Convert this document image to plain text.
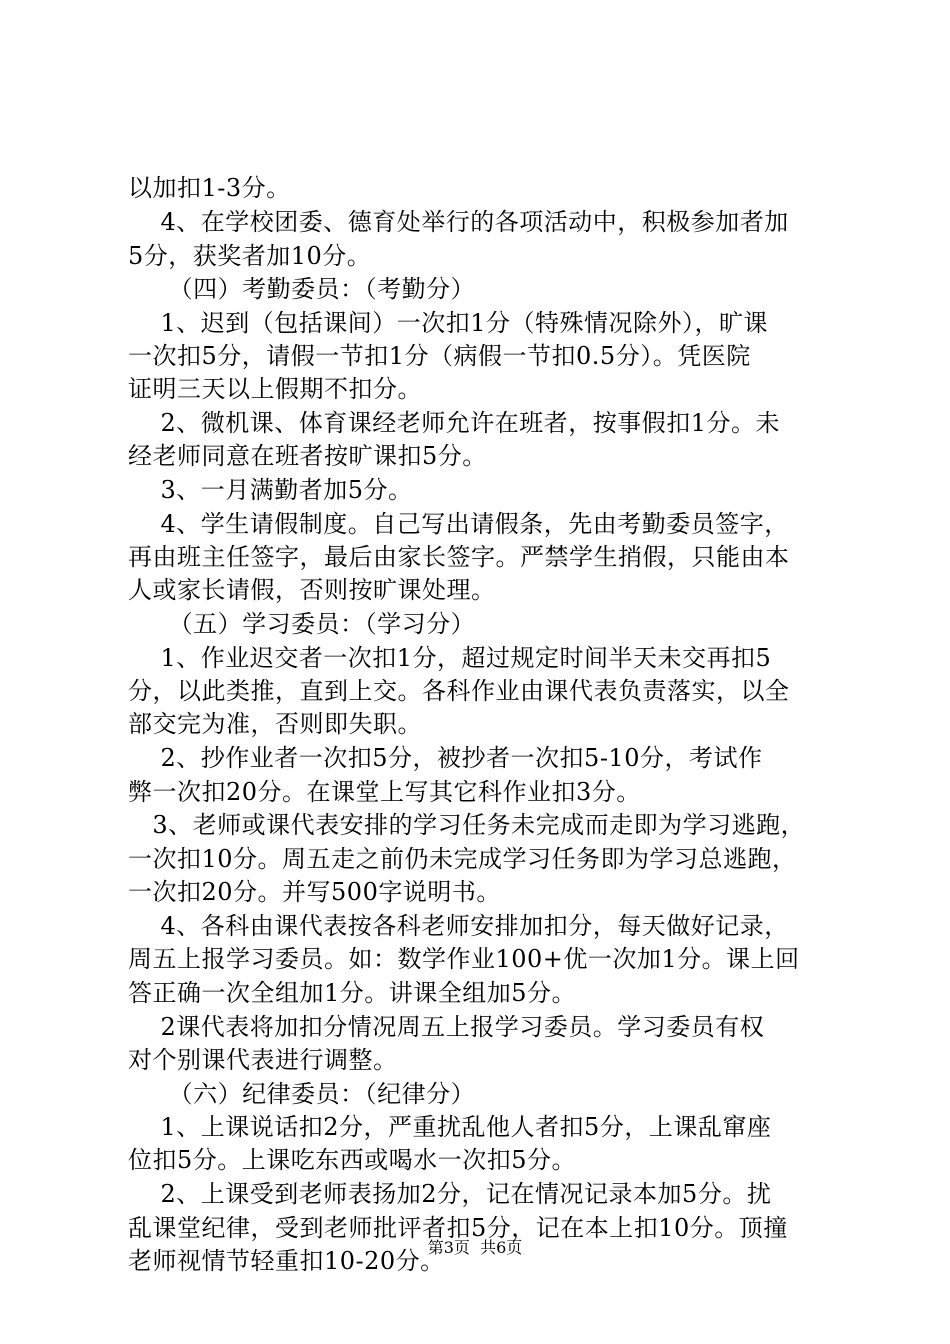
以加扣1-3分。
4、在学校团委、德育处举行的各项活动中，积极参加者加
5分，获奖者加10分。
（四）考勤委员：（考勤分）
1、迟到（包括课间）一次扣1分（特殊情况除外），旷课
一次扣5分，请假一节扣1分（病假一节扣0.5分）。凭医院
证明三天以上假期不扣分。
2、微机课、体育课经老师允许在班者，按事假扣1分。未
经老师同意在班者按旷课扣5分。
3、一月满勤者加5分。
4、学生请假制度。自己写出请假条，先由考勤委员签字，
再由班主任签字，最后由家长签字。严禁学生捎假，只能由本
人或家长请假，否则按旷课处理。
（五）学习委员：（学习分）
1、作业迟交者一次扣1分，超过规定时间半天未交再扣5
分，以此类推，直到上交。各科作业由课代表负责落实，以全
部交完为准，否则即失职。
2、抄作业者一次扣5分，被抄者一次扣5-10分，考试作
弊一次扣20分。在课堂上写其它科作业扣3分。
3、老师或课代表安排的学习任务未完成而走即为学习逃跑，
一次扣10分。周五走之前仍未完成学习任务即为学习总逃跑，
一次扣20分。并写500字说明书。
4、各科由课代表按各科老师安排加扣分，每天做好记录，
周五上报学习委员。如：数学作业100+优一次加1分。课上回
答正确一次全组加1分。讲课全组加5分。
2课代表将加扣分情况周五上报学习委员。学习委员有权
对个别课代表进行调整。
（六）纪律委员：（纪律分）
1、上课说话扣2分，严重扰乱他人者扣5分，上课乱窜座
位扣5分。上课吃东西或喝水一次扣5分。
2、上课受到老师表扬加2分，记在情况记录本加5分。扰
乱课堂纪律，受到老师批评者扣5分，记在本上扣10分。顶撞
老师视情节轻重扣10-20分。
第3页  共6页
